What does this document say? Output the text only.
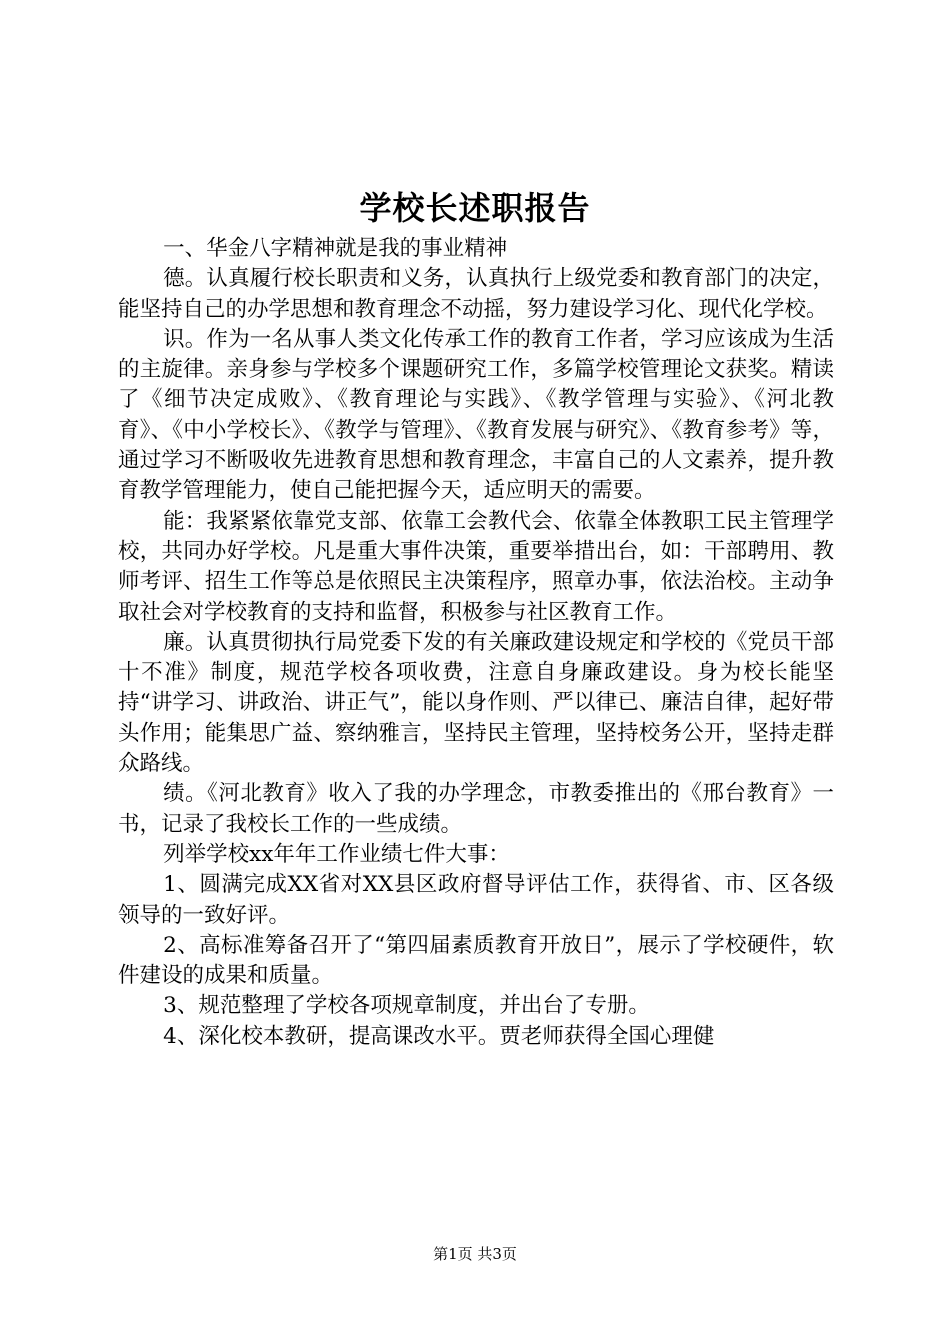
学校长述职报告

一、华金八字精神就是我的事业精神

德。认真履行校长职责和义务，认真执行上级党委和教育部门的决定，能坚持自己的办学思想和教育理念不动摇，努力建设学习化、现代化学校。

识。作为一名从事人类文化传承工作的教育工作者，学习应该成为生活的主旋律。亲身参与学校多个课题研究工作，多篇学校管理论文获奖。精读了《细节决定成败》、《教育理论与实践》、《教学管理与实验》、《河北教育》、《中小学校长》、《教学与管理》、《教育发展与研究》、《教育参考》等，通过学习不断吸收先进教育思想和教育理念，丰富自己的人文素养，提升教育教学管理能力，使自己能把握今天，适应明天的需要。

能：我紧紧依靠党支部、依靠工会教代会、依靠全体教职工民主管理学校，共同办好学校。凡是重大事件决策，重要举措出台，如：干部聘用、教师考评、招生工作等总是依照民主决策程序，照章办事，依法治校。主动争取社会对学校教育的支持和监督，积极参与社区教育工作。

廉。认真贯彻执行局党委下发的有关廉政建设规定和学校的《党员干部十不准》制度，规范学校各项收费，注意自身廉政建设。身为校长能坚持“讲学习、讲政治、讲正气”，能以身作则、严以律已、廉洁自律，起好带头作用；能集思广益、察纳雅言，坚持民主管理，坚持校务公开，坚持走群众路线。

绩。《河北教育》收入了我的办学理念，市教委推出的《邢台教育》一书，记录了我校长工作的一些成绩。

列举学校xx年年工作业绩七件大事：

1、圆满完成XX省对XX县区政府督导评估工作，获得省、市、区各级领导的一致好评。

2、高标准筹备召开了“第四届素质教育开放日”，展示了学校硬件，软件建设的成果和质量。

3、规范整理了学校各项规章制度，并出台了专册。

4、深化校本教研，提高课改水平。贾老师获得全国心理健

第1页 共3页
